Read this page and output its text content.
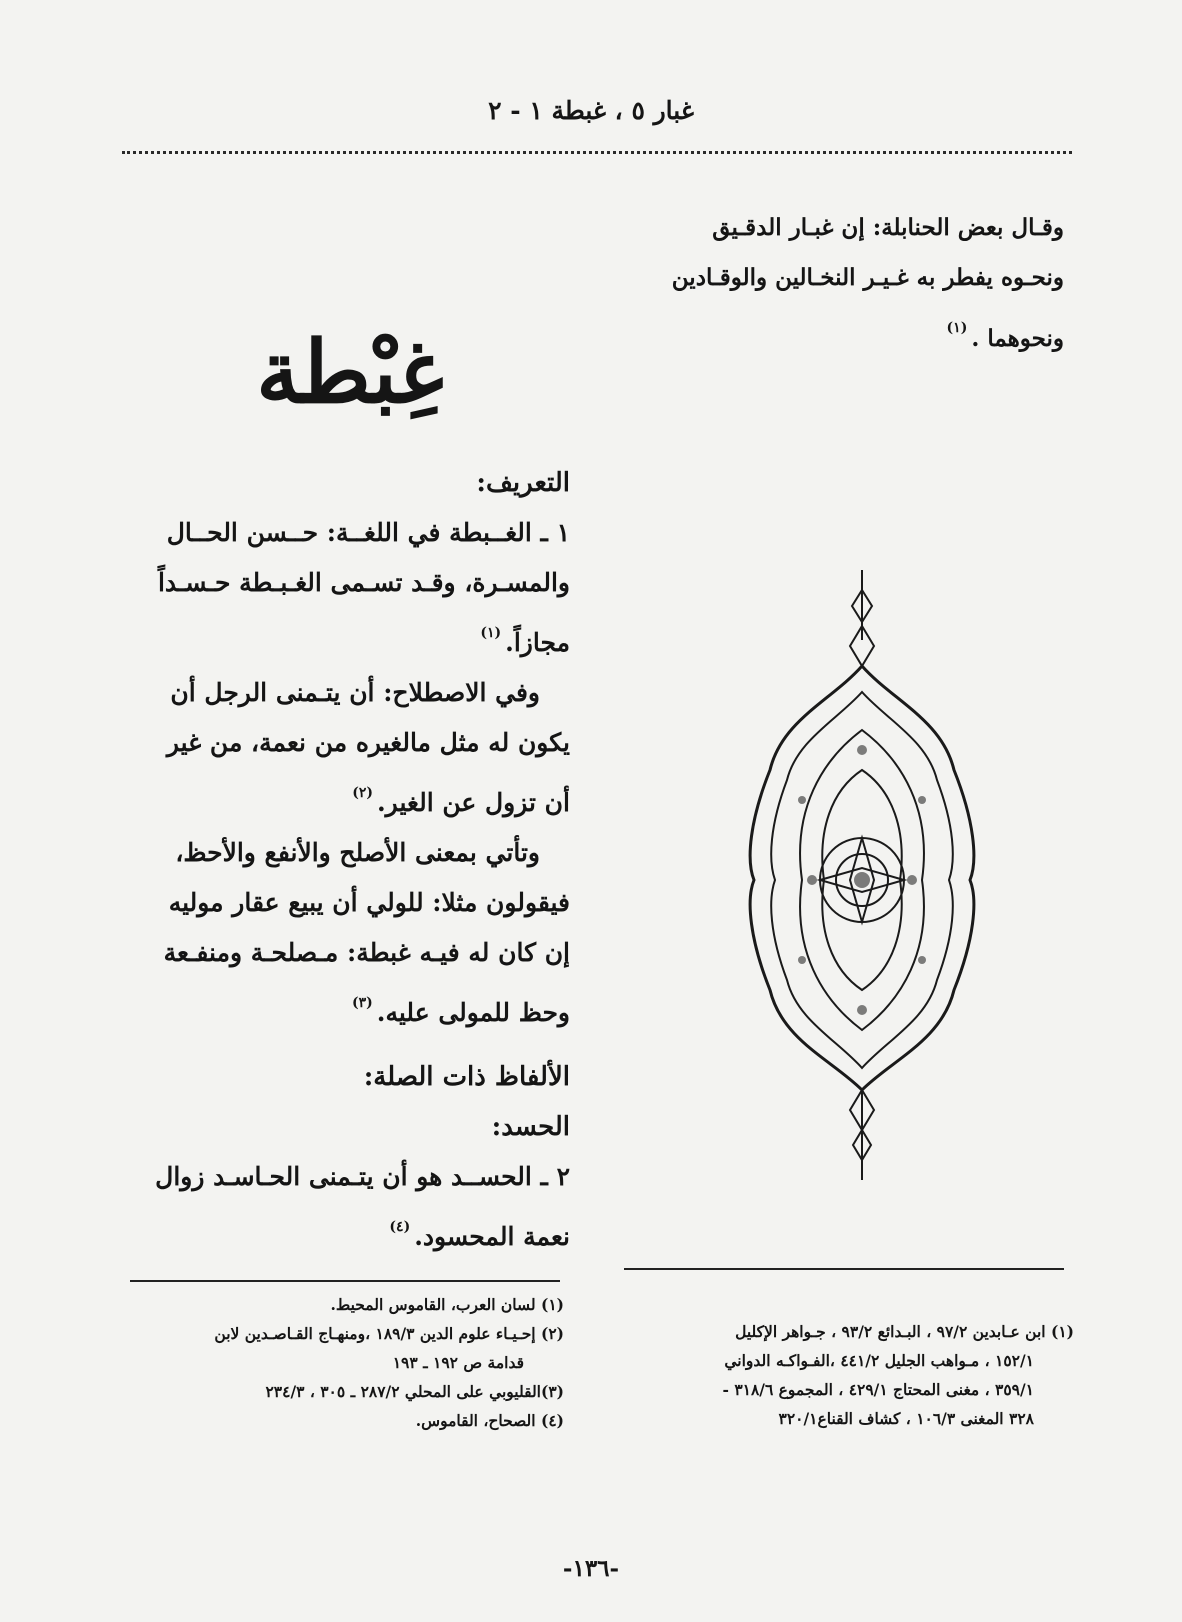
غبار ٥ ، غبطة ١ - ٢
وقـال بعض الحنابلة: إن غبـار الدقـيق
ونحـوه يفطر به غـيـر النخـالين والوقـادين
ونحوهما .$^{(١)}$
غِبْطة
التعريف:
١ ـ الغــبطة في اللغــة: حــسن الحــال
والمسـرة، وقـد تسـمى الغـبـطة حـسـداً
مجازاً.$^{(١)}$
وفي الاصطلاح: أن يتـمنى الرجل أن
يكون له مثل مالغيره من نعمة، من غير
أن تزول عن الغير.$^{(٢)}$
وتأتي بمعنى الأصلح والأنفع والأحظ،
فيقولون مثلا: للولي أن يبيع عقار موليه
إن كان له فيـه غبطة: مـصلحـة ومنفـعة
وحظ للمولى عليه.$^{(٣)}$
الألفاظ ذات الصلة:
الحسد:
٢ ـ الحســد هو أن يتـمنى الحـاسـد زوال
نعمة المحسود.$^{(٤)}$
(١) لسان العرب، القاموس المحيط.
(٢) إحـيـاء علوم الدين ١٨٩/٣ ،ومنهـاج القـاصـدين لابن
قدامة ص ١٩٢ ـ ١٩٣
(٣)القليوبي على المحلي ٢٨٧/٢ ـ ٣٠٥ ، ٢٣٤/٣
(٤) الصحاح، القاموس.
(١) ابن عـابدين ٩٧/٢ ، البـدائع ٩٣/٢ ، جـواهر الإكليل
١٥٢/١ ، مـواهب الجليل ٤٤١/٢ ،الفـواكـه الدواني
٣٥٩/١ ، مغنى المحتاج ٤٢٩/١ ، المجموع ٣١٨/٦ -
٣٢٨ المغنى ١٠٦/٣ ، كشاف القناع٣٢٠/١
-١٣٦-
